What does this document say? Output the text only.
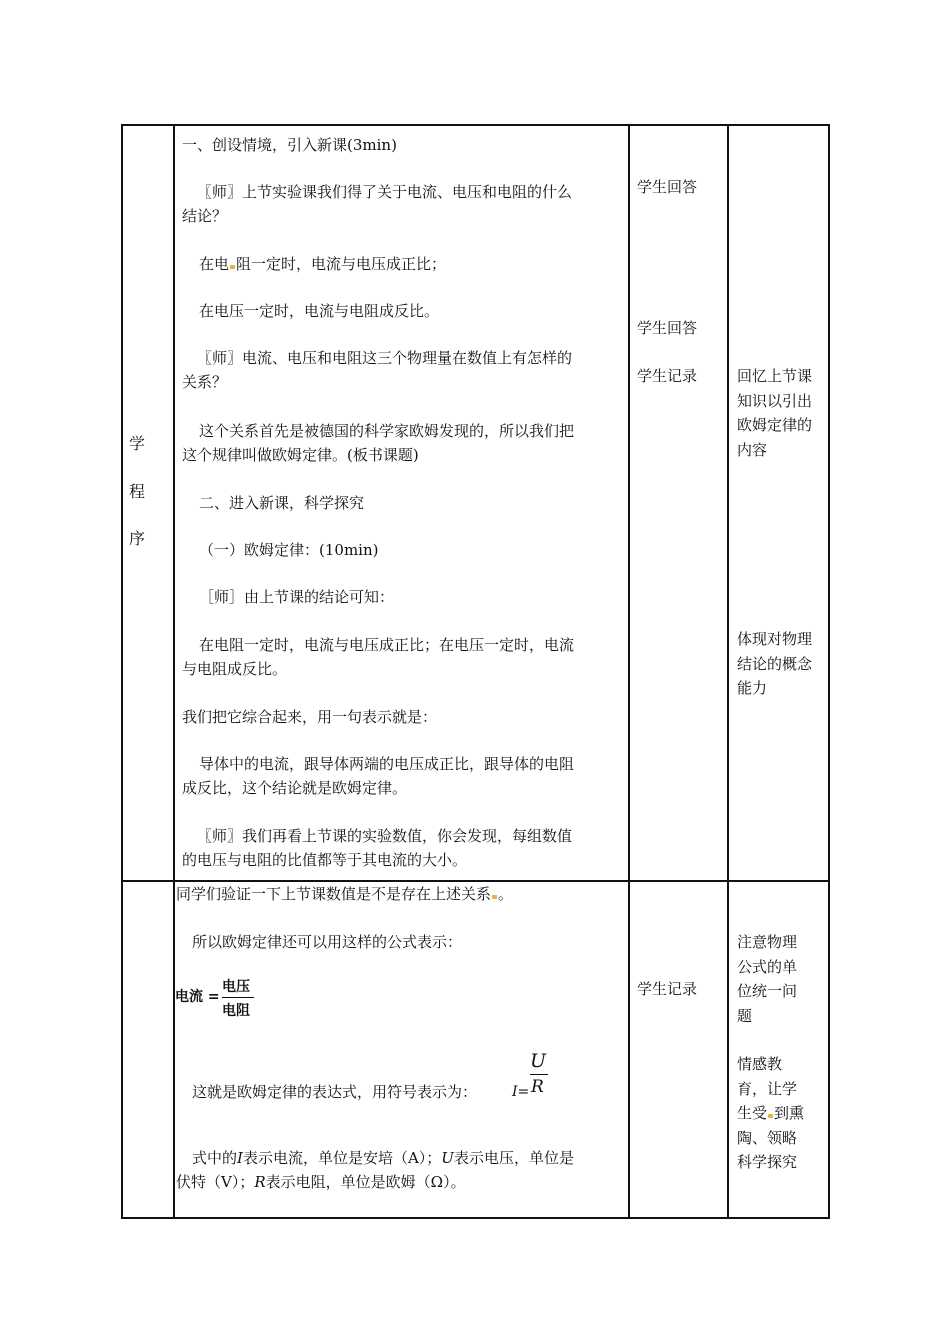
学
程
序
一、创设情境，引入新课(3min)
〖师〗上节实验课我们得了关于电流、电压和电阻的什么
结论？
在电 阻一定时，电流与电压成正比；
在电压一定时，电流与电阻成反比。
〖师〗电流、电压和电阻这三个物理量在数值上有怎样的
关系？
这个关系首先是被德国的科学家欧姆发现的，所以我们把
这个规律叫做欧姆定律。(板书课题)
二、进入新课，科学探究
（一）欧姆定律：(10min)
［师］由上节课的结论可知：
在电阻一定时，电流与电压成正比；在电压一定时，电流
与电阻成反比。
我们把它综合起来，用一句表示就是：
导体中的电流，跟导体两端的电压成正比，跟导体的电阻
成反比，这个结论就是欧姆定律。
〖师〗我们再看上节课的实验数值，你会发现，每组数值
的电压与电阻的比值都等于其电流的大小。
学生回答
学生回答
学生记录	回忆上节课
知识以引出
欧姆定律的
内容
体现对物理
结论的概念
能力
同学们验证一下上节课数值是不是存在上述关系 。
所以欧姆定律还可以用这样的公式表示：
电流 =
电压
电阻
这就是欧姆定律的表达式，用符号表示为： I=
U
R
式中的I表示电流，单位是安培（A）；U表示电压，单位是
伏特（V）；R表示电阻，单位是欧姆（Ω）。
学生记录
注意物理
公式的单
位统一问
题
情感教
育，让学
生受 到熏
陶、领略
科学探究
